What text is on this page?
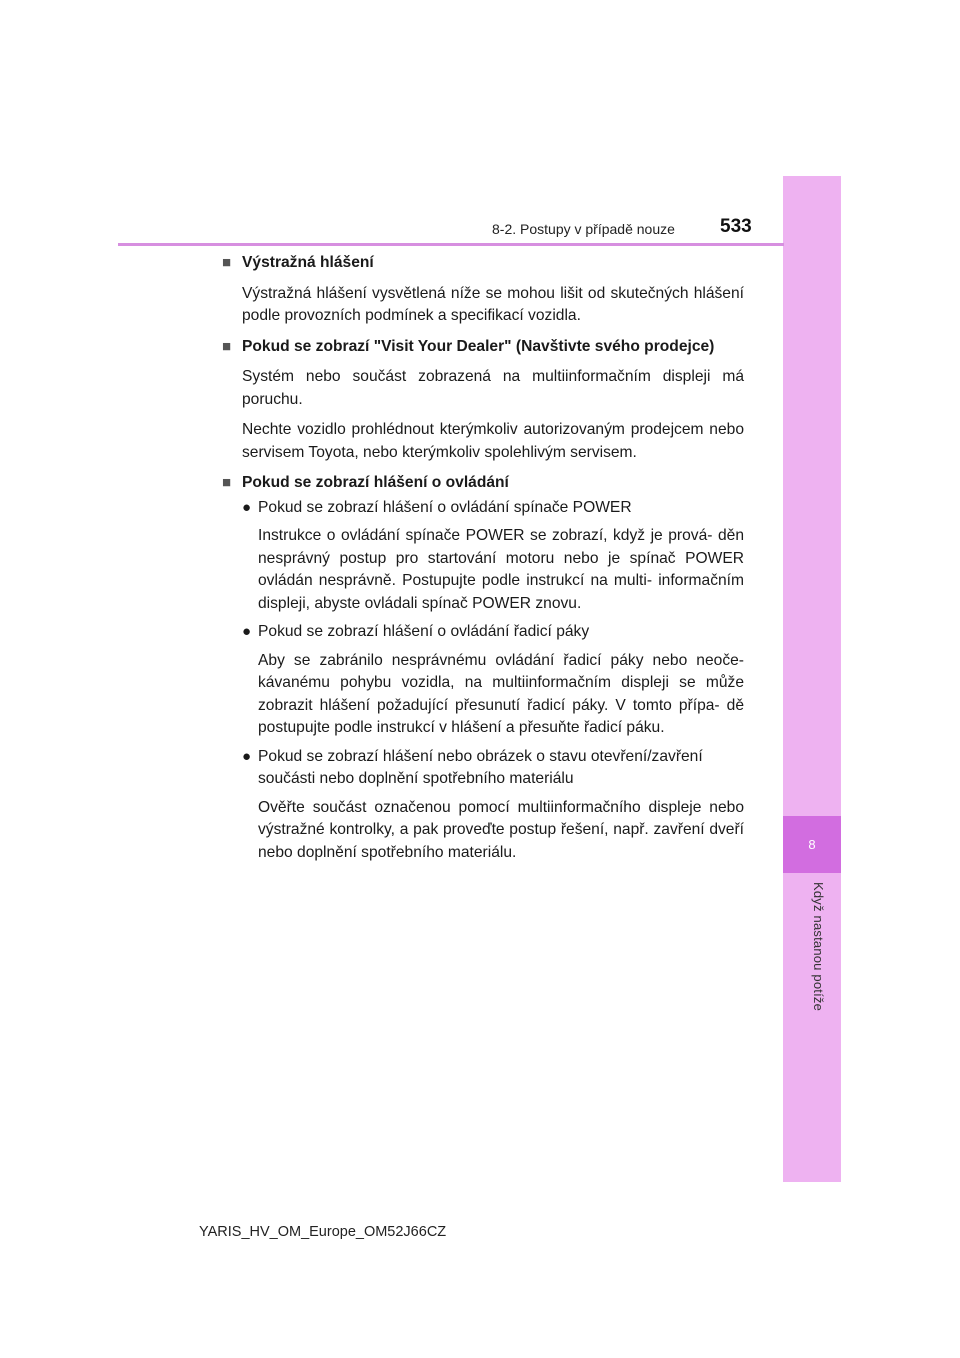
8
Když nastanou potíže
8-2. Postupy v případě nouze 533
■ Výstražná hlášení

Výstražná hlášení vysvětlená níže se mohou lišit od skutečných hlášení podle provozních podmínek a specifikací vozidla.

■ Pokud se zobrazí "Visit Your Dealer" (Navštivte svého prodejce)

Systém nebo součást zobrazená na multiinformačním displeji má poruchu.

Nechte vozidlo prohlédnout kterýmkoliv autorizovaným prodejcem nebo servisem Toyota, nebo kterýmkoliv spolehlivým servisem.

■ Pokud se zobrazí hlášení o ovládání
● Pokud se zobrazí hlášení o ovládání spínače POWER

Instrukce o ovládání spínače POWER se zobrazí, když je prová- děn nesprávný postup pro startování motoru nebo je spínač POWER ovládán nesprávně. Postupujte podle instrukcí na multi- informačním displeji, abyste ovládali spínač POWER znovu.

● Pokud se zobrazí hlášení o ovládání řadicí páky

Aby se zabránilo nesprávnému ovládání řadicí páky nebo neoče- kávanému pohybu vozidla, na multiinformačním displeji se může zobrazit hlášení požadující přesunutí řadicí páky. V tomto přípa- dě postupujte podle instrukcí v hlášení a přesuňte řadicí páku.

● Pokud se zobrazí hlášení nebo obrázek o stavu otevření/zavření součásti nebo doplnění spotřebního materiálu

Ověřte součást označenou pomocí multiinformačního displeje nebo výstražné kontrolky, a pak proveďte postup řešení, např. zavření dveří nebo doplnění spotřebního materiálu.

YARIS_HV_OM_Europe_OM52J66CZ
